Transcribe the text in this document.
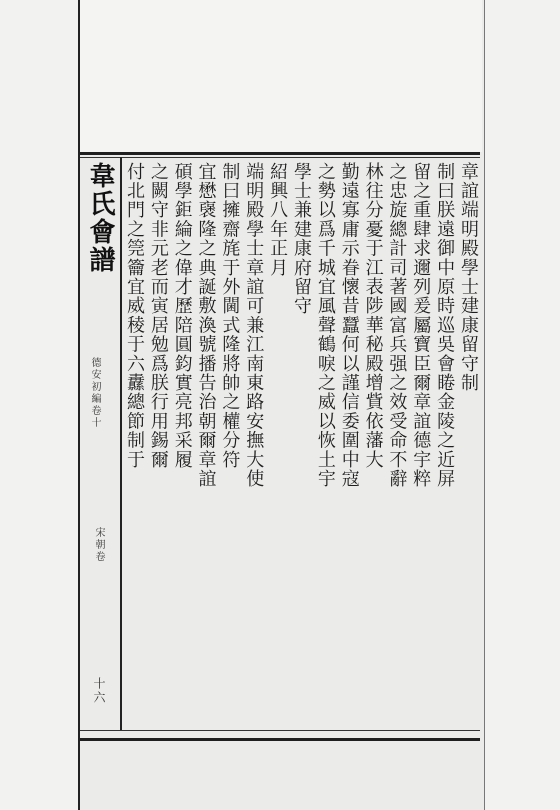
韋氏會譜
德安初編卷十
宋朝卷
十六
章誼端明殿學士建康留守制
制曰朕遠御中原時巡吳會睠金陵之近屏
留之重肆求邇列爰屬寶臣爾章誼德宇粹
之忠旋總計司著國富兵强之效受命不辭
林往分憂于江表陟華秘殿增貲依藩大
勤遠寡庸示眷懷昔蠶何以謹信委圍中寇
之勢以爲千城宜風聲鶴唳之威以恢土宇
學士兼建康府留守
紹興八年正月
端明殿學士章誼可兼江南東路安撫大使
制曰擁齋旄于外閫式隆將帥之權分符
宜懋襃隆之典誕敷渙號播告治朝爾章誼
碩學鉅綸之偉才歷陪圓鈞實亮邦采履
之闕守非元老而寅居勉爲朕行用錫爾
付北門之筦籥宜威稜于六纛總節制于
